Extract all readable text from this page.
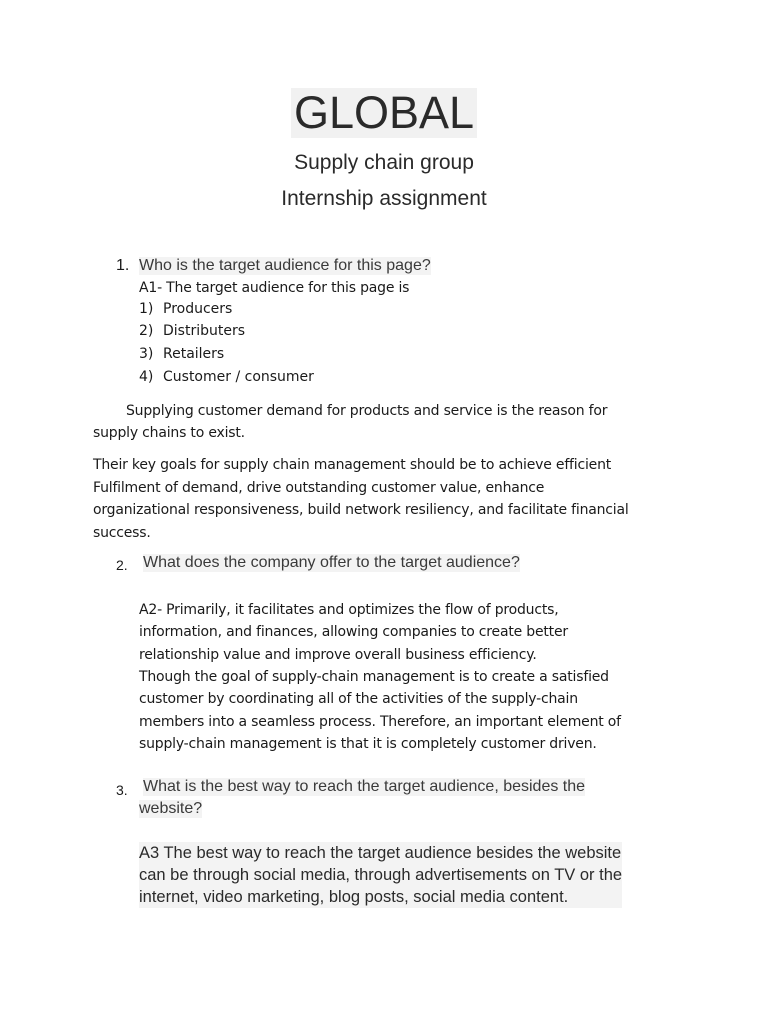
GLOBAL
Supply chain group
Internship assignment
1. Who is the target audience for this page?
A1- The target audience for this page is
1) Producers
2) Distributers
3) Retailers
4) Customer / consumer
Supplying customer demand for products and service is the reason for
supply chains to exist.
Their key goals for supply chain management should be to achieve efficient
Fulfilment of demand, drive outstanding customer value, enhance
organizational responsiveness, build network resiliency, and facilitate financial
success.
2. What does the company offer to the target audience?
A2- Primarily, it facilitates and optimizes the flow of products,
information, and finances, allowing companies to create better
relationship value and improve overall business efficiency.
Though the goal of supply-chain management is to create a satisfied
customer by coordinating all of the activities of the supply-chain
members into a seamless process. Therefore, an important element of
supply-chain management is that it is completely customer driven.
3. What is the best way to reach the target audience, besides the
website?
A3 The best way to reach the target audience besides the website
can be through social media, through advertisements on TV or the
internet, video marketing, blog posts, social media content.
